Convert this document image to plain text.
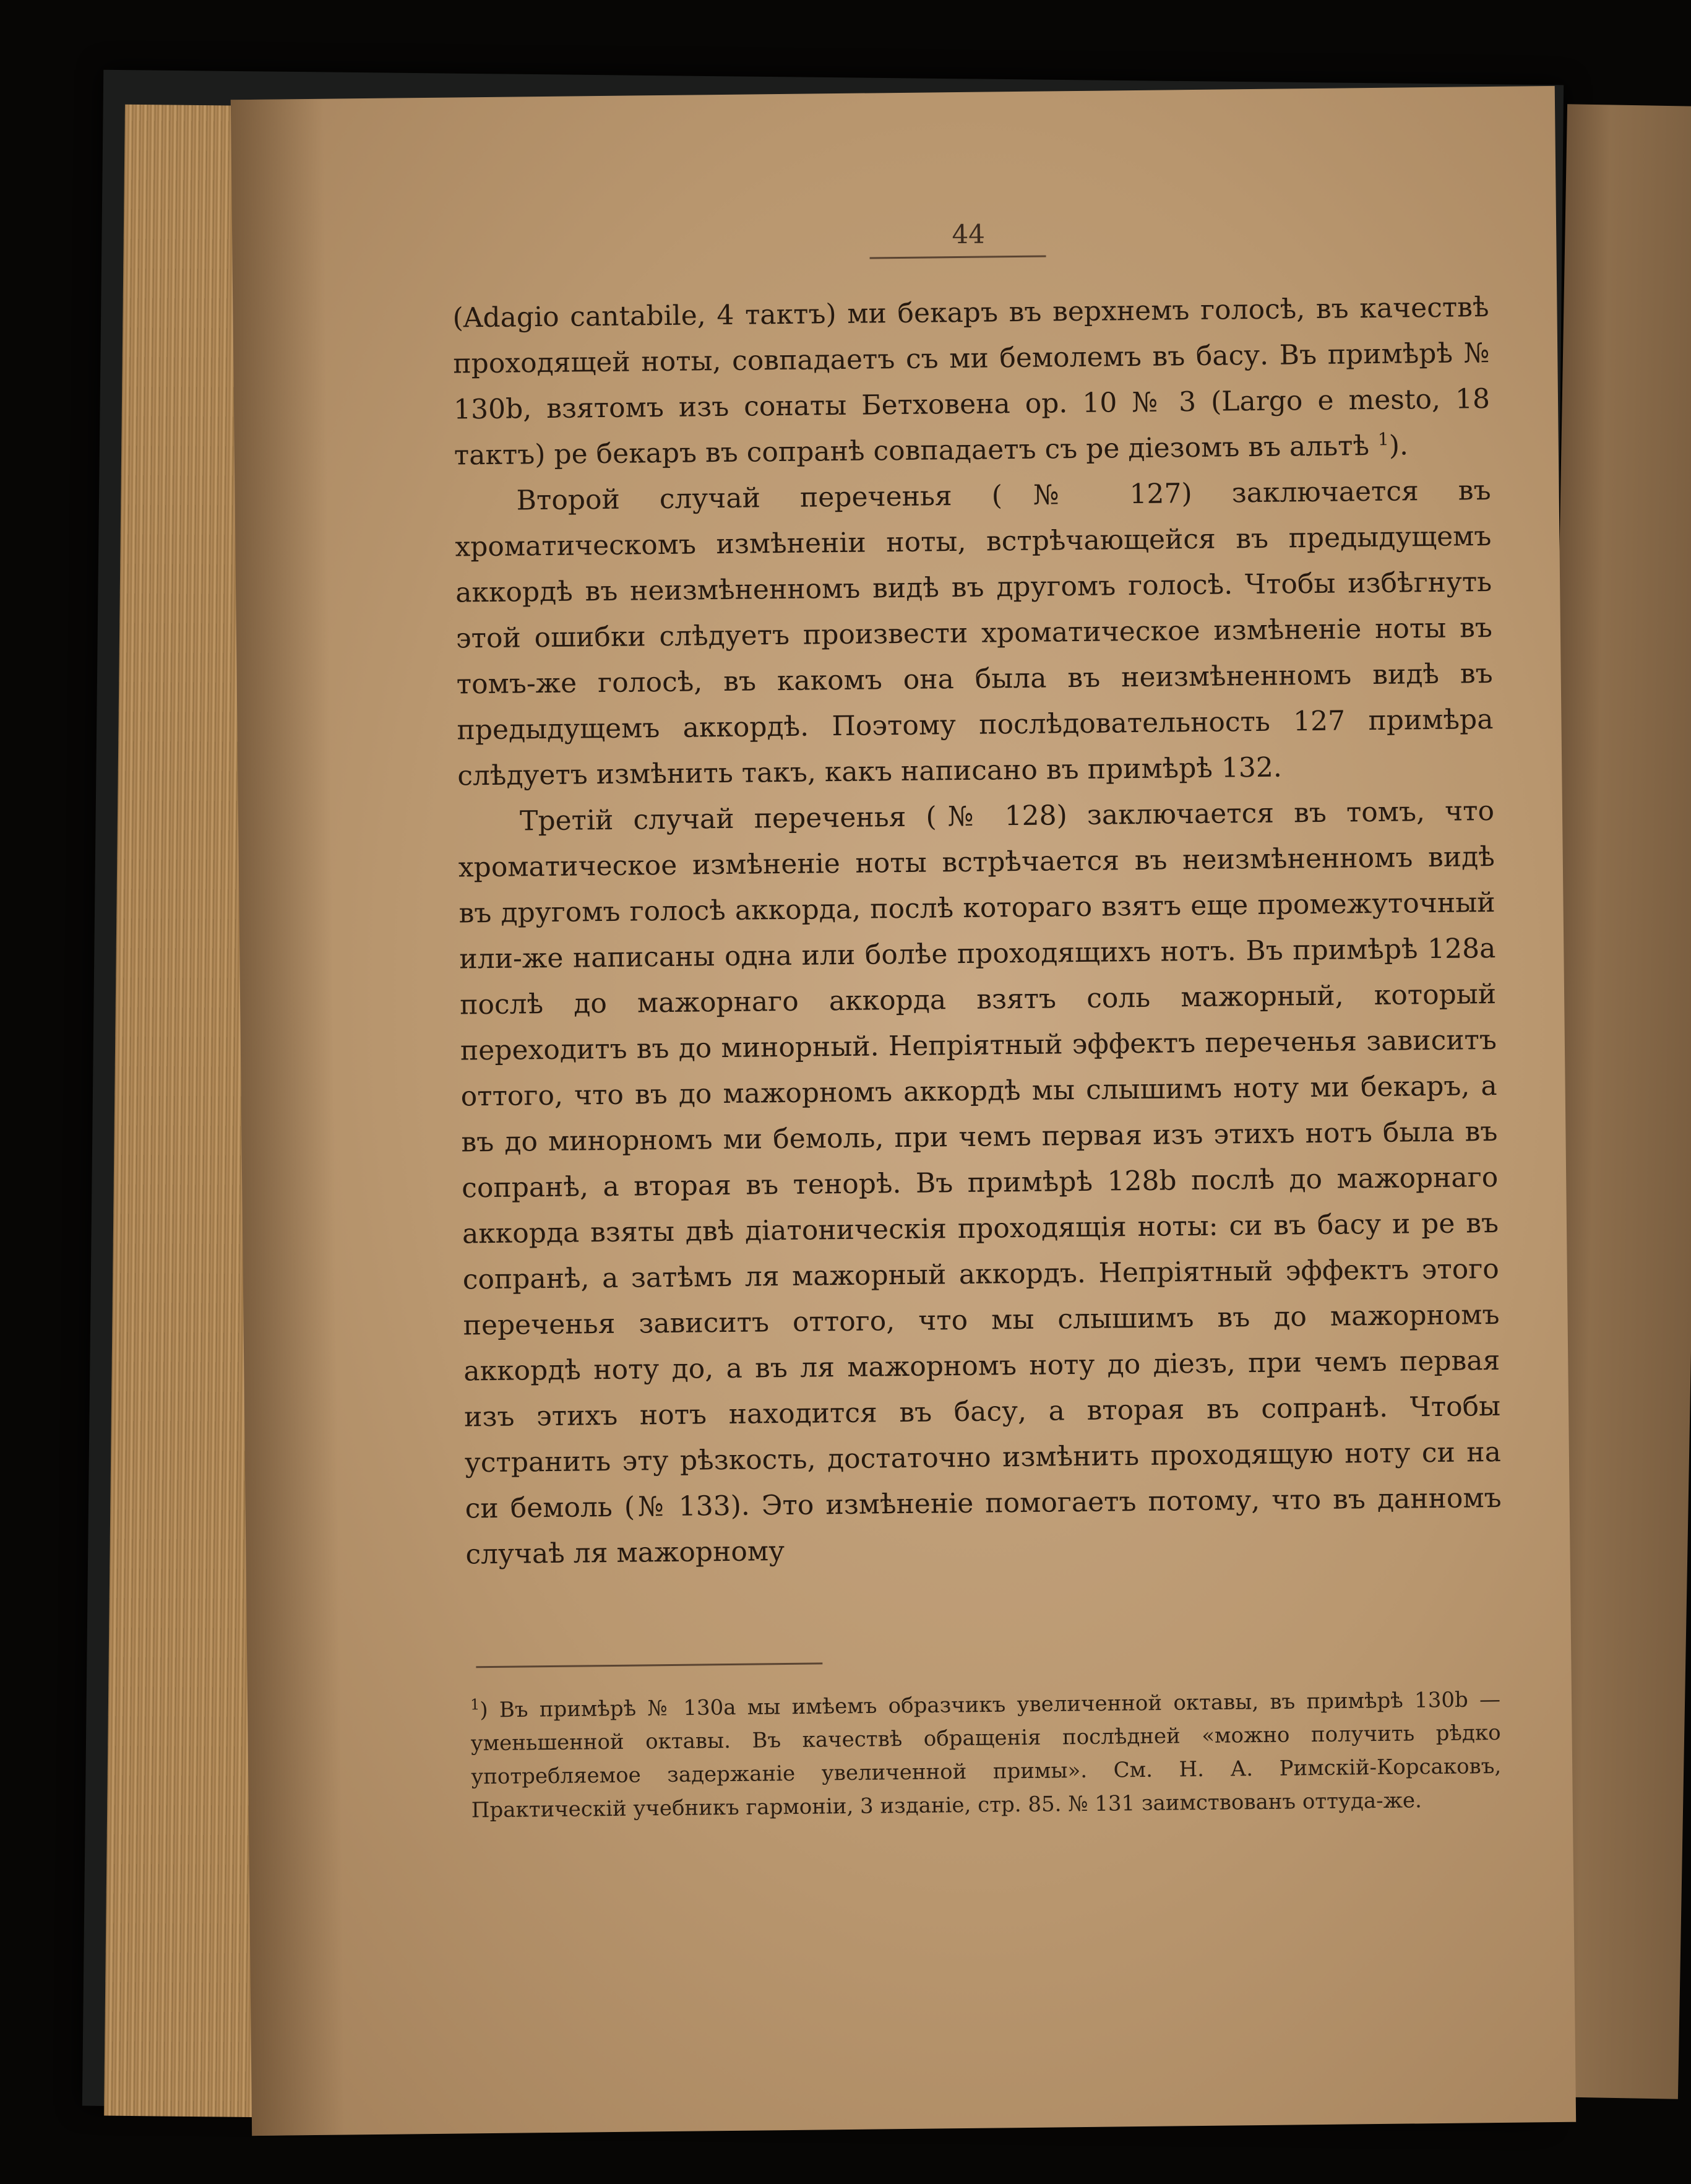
44

(Adagio cantabile, 4 тактъ) ми бекаръ въ верхнемъ голосѣ, въ качествѣ проходящей ноты, совпадаетъ съ ми бемолемъ въ басу. Въ примѣрѣ № 130b, взятомъ изъ сонаты Бетховена ор. 10 № 3 (Largo e mesto, 18 тактъ) ре бекаръ въ сопранѣ совпадаетъ съ ре діезомъ въ альтѣ $^1$).

Второй случай переченья (№ 127) заключается въ хроматическомъ измѣненіи ноты, встрѣчающейся въ предыдущемъ аккордѣ въ неизмѣненномъ видѣ въ другомъ голосѣ. Чтобы избѣгнуть этой ошибки слѣдуетъ произвести хроматическое измѣненіе ноты въ томъ-же голосѣ, въ какомъ она была въ неизмѣненномъ видѣ въ предыдущемъ аккордѣ. Поэтому послѣдовательность 127 примѣра слѣдуетъ измѣнить такъ, какъ написано въ примѣрѣ 132.

Третій случай переченья (№ 128) заключается въ томъ, что хроматическое измѣненіе ноты встрѣчается въ неизмѣненномъ видѣ въ другомъ голосѣ аккорда, послѣ котораго взятъ еще промежуточный или-же написаны одна или болѣе проходящихъ нотъ. Въ примѣрѣ 128a послѣ до мажорнаго аккорда взятъ соль мажорный, который переходитъ въ до минорный. Непріятный эффектъ переченья зависитъ оттого, что въ до мажорномъ аккордѣ мы слышимъ ноту ми бекаръ, а въ до минорномъ ми бемоль, при чемъ первая изъ этихъ нотъ была въ сопранѣ, а вторая въ тенорѣ. Въ примѣрѣ 128b послѣ до мажорнаго аккорда взяты двѣ діатоническія проходящія ноты: си въ басу и ре въ сопранѣ, а затѣмъ ля мажорный аккордъ. Непріятный эффектъ этого переченья зависитъ оттого, что мы слышимъ въ до мажорномъ аккордѣ ноту до, а въ ля мажорномъ ноту до діезъ, при чемъ первая изъ этихъ нотъ находится въ басу, а вторая въ сопранѣ. Чтобы устранить эту рѣзкость, достаточно измѣнить проходящую ноту си на си бемоль (№ 133). Это измѣненіе помогаетъ потому, что въ данномъ случаѣ ля мажорному

$^1$) Въ примѣрѣ № 130a мы имѣемъ образчикъ увеличенной октавы, въ примѣрѣ 130b — уменьшенной октавы. Въ качествѣ обращенія послѣдней «можно получить рѣдко употребляемое задержаніе увеличенной примы». См. Н. А. Римскій-Корсаковъ, Практическій учебникъ гармоніи, 3 изданіе, стр. 85. № 131 заимствованъ оттуда-же.
